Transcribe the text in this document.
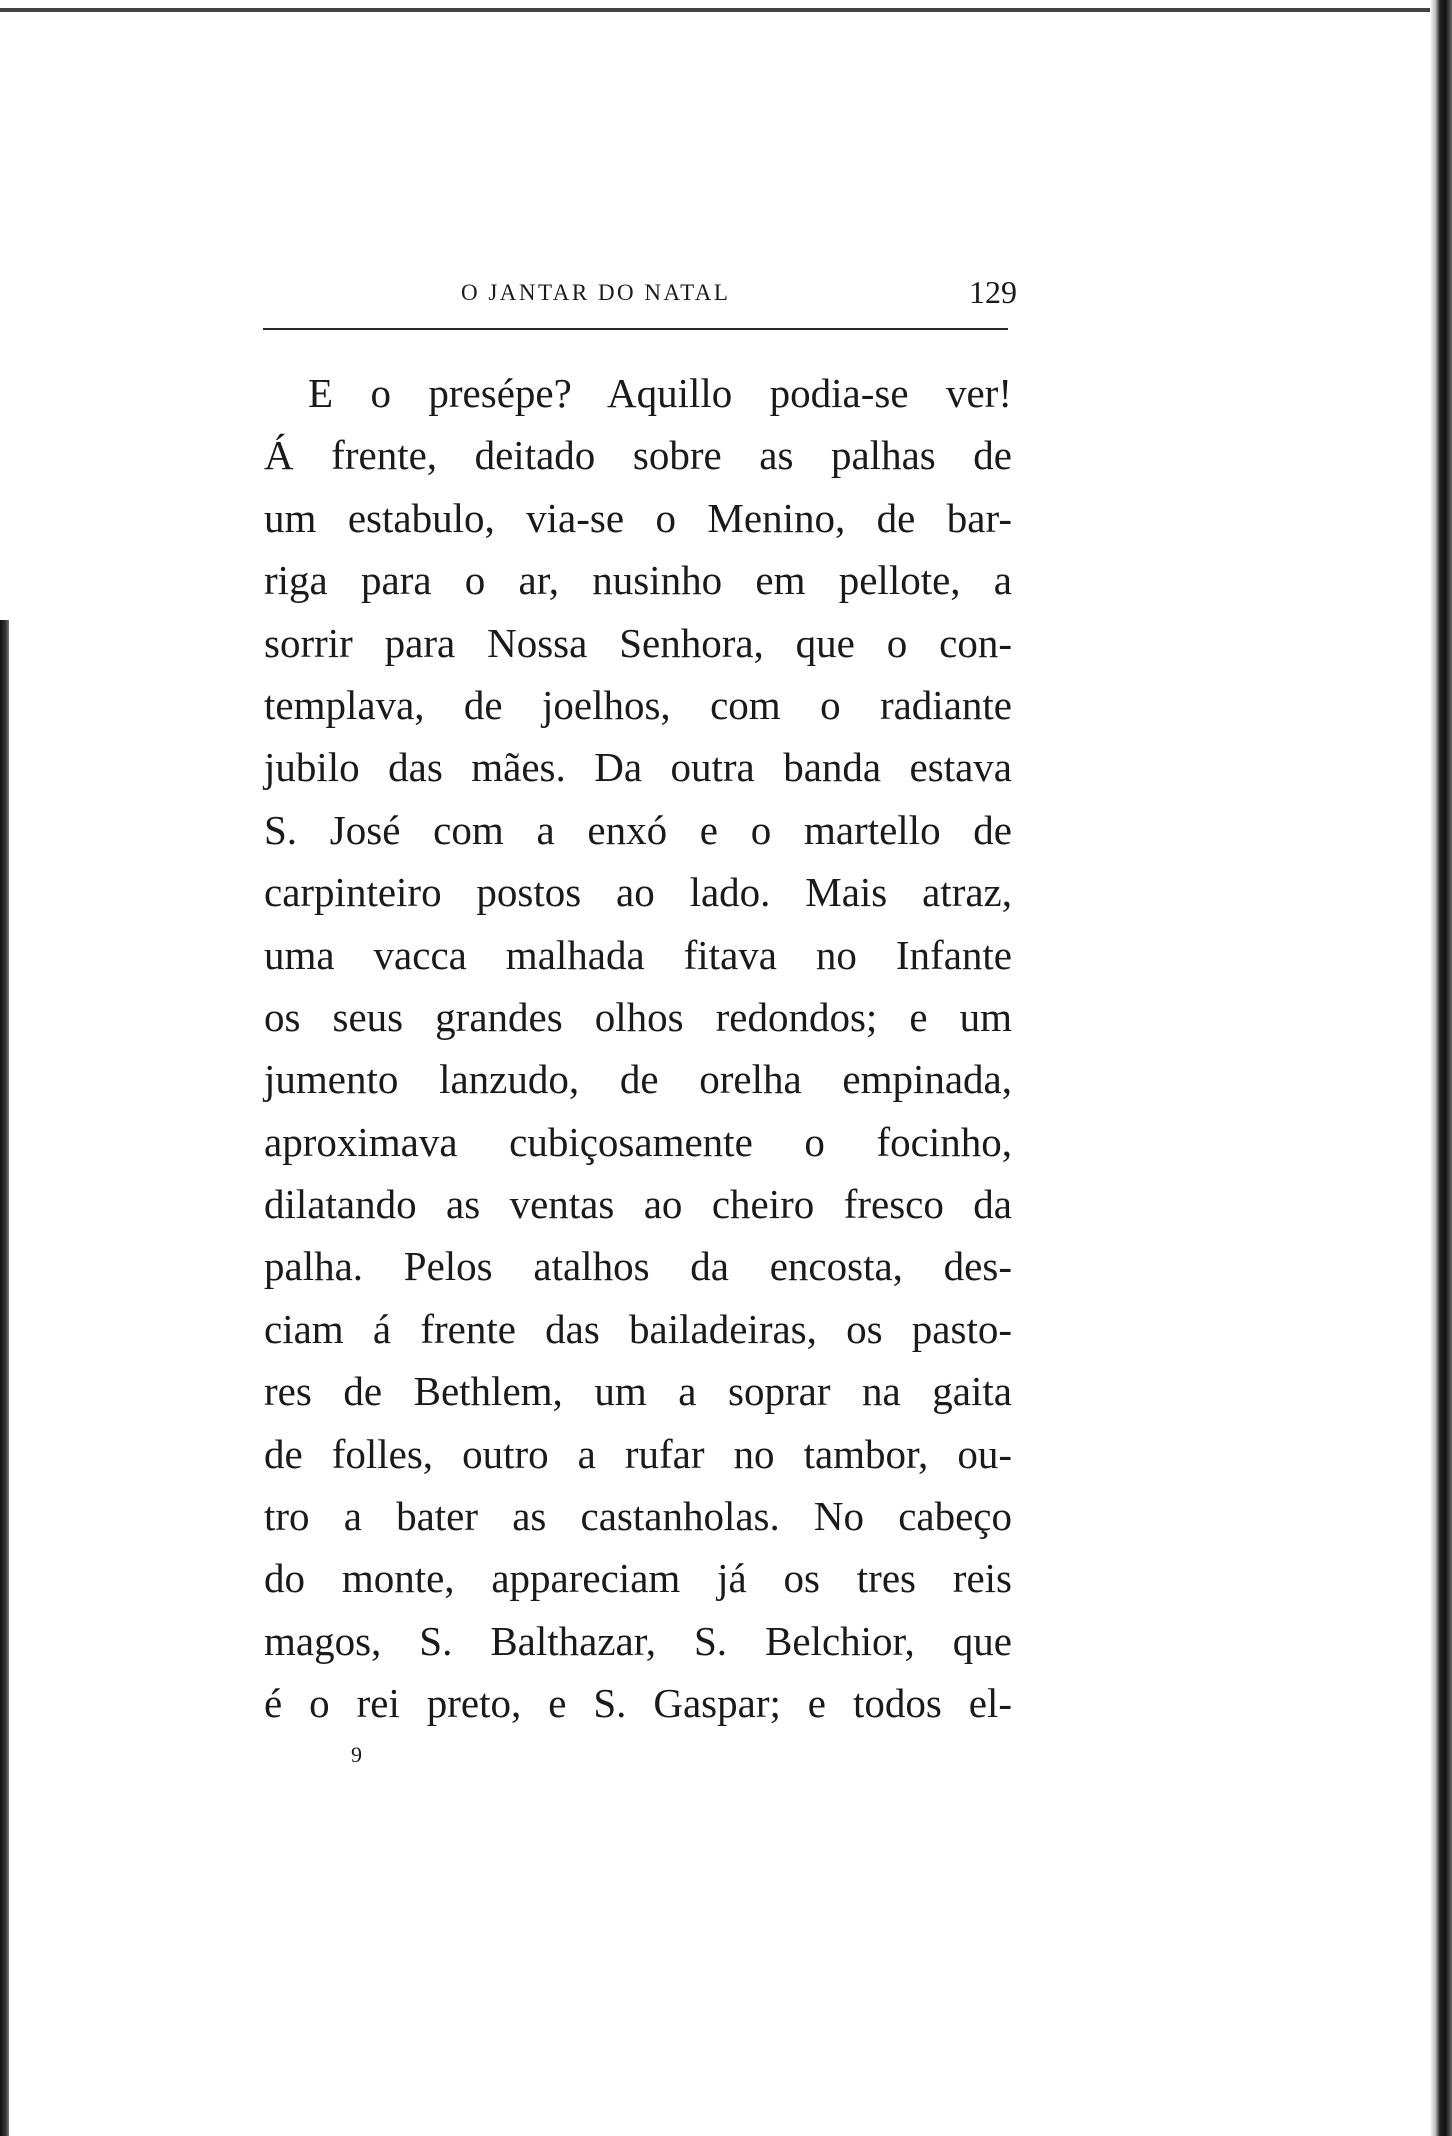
O JANTAR DO NATAL	129
E o presépe? Aquillo podia-se ver!
Á frente, deitado sobre as palhas de
um estabulo, via-se o Menino, de bar-
riga para o ar, nusinho em pellote, a
sorrir para Nossa Senhora, que o con-
templava, de joelhos, com o radiante
jubilo das mães. Da outra banda estava
S. José com a enxó e o martello de
carpinteiro postos ao lado. Mais atraz,
uma vacca malhada fitava no Infante
os seus grandes olhos redondos; e um
jumento lanzudo, de orelha empinada,
aproximava cubiçosamente o focinho,
dilatando as ventas ao cheiro fresco da
palha. Pelos atalhos da encosta, des-
ciam á frente das bailadeiras, os pasto-
res de Bethlem, um a soprar na gaita
de folles, outro a rufar no tambor, ou-
tro a bater as castanholas. No cabeço
do monte, appareciam já os tres reis
magos, S. Balthazar, S. Belchior, que
é o rei preto, e S. Gaspar; e todos el-
9
